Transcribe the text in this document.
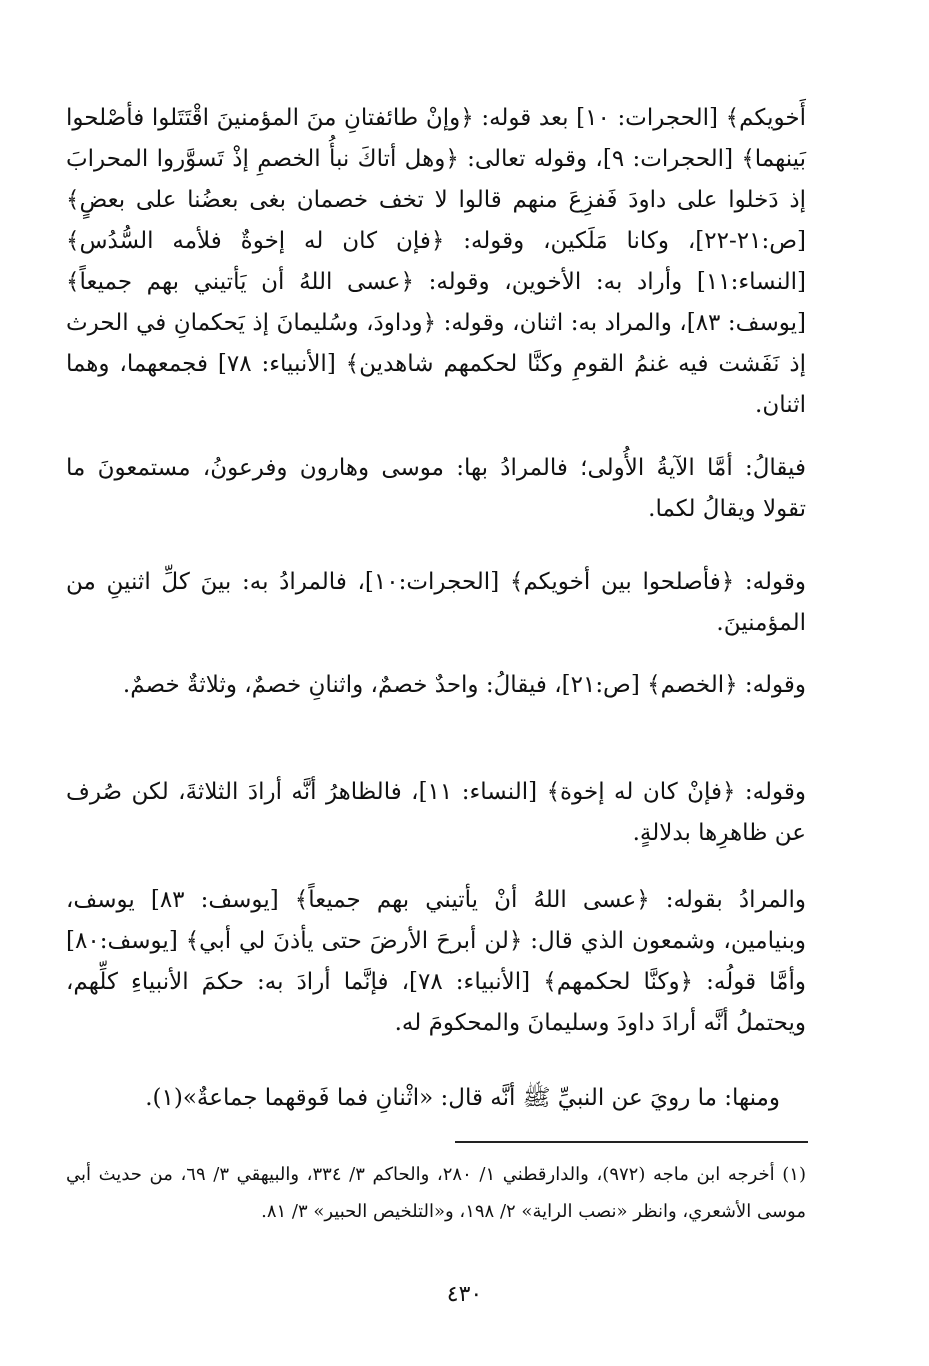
أَخويكم﴾ [الحجرات: ١٠] بعد قوله: ﴿وإنْ طائفتانِ منَ المؤمنينَ اقْتَتَلوا فأصْلحوا بَينهما﴾ [الحجرات: ٩]، وقوله تعالى: ﴿وهل أتاكَ نبأُ الخصمِ إذْ تَسوَّروا المحرابَ إذ دَخلوا على داودَ فَفزِعَ منهم قالوا لا تخف خصمان بغى بعضُنا على بعضٍ﴾ [ص:٢١-٢٢]، وكانا مَلَكين، وقوله: ﴿فإن كان له إخوةٌ فلأمه السُّدُس﴾ [النساء:١١] وأراد به: الأخوين، وقوله: ﴿عسى اللهُ أن يَأتيني بهم جميعاً﴾ [يوسف: ٨٣]، والمراد به: اثنان، وقوله: ﴿وداودَ، وسُليمانَ إذ يَحكمانِ في الحرث إذ نَفَشت فيه غنمُ القومِ وكنَّا لحكمهم شاهدين﴾ [الأنبياء: ٧٨] فجمعهما، وهما اثنان.

فيقالُ: أمَّا الآيةُ الأُولى؛ فالمرادُ بها: موسى وهارون وفرعونُ، مستمعونَ ما تقولا ويقالُ لكما.

وقوله: ﴿فأصلحوا بين أخويكم﴾ [الحجرات:١٠]، فالمرادُ به: بينَ كلِّ اثنينِ من المؤمنينَ.

وقوله: ﴿الخصم﴾ [ص:٢١]، فيقالُ: واحدٌ خصمٌ، واثنانِ خصمٌ، وثلاثةٌ خصمٌ.

وقوله: ﴿فإنْ كان له إخوة﴾ [النساء: ١١]، فالظاهرُ أنَّه أرادَ الثلاثةَ، لكن صُرف عن ظاهرِها بدلالةٍ.

والمرادُ بقوله: ﴿عسى اللهُ أنْ يأتيني بهم جميعاً﴾ [يوسف: ٨٣] يوسف، وبنيامين، وشمعون الذي قال: ﴿لن أبرحَ الأرضَ حتى يأذنَ لي أبي﴾ [يوسف:٨٠] وأمَّا قولُه: ﴿وكنَّا لحكمهم﴾ [الأنبياء: ٧٨]، فإنَّما أرادَ به: حكمَ الأنبياءِ كلِّهم، ويحتملُ أنَّه أرادَ داودَ وسليمانَ والمحكومَ له.

ومنها: ما رويَ عن النبيِّ ﷺ أنَّه قال: «اثْنانِ فما فَوقهما جماعةٌ»(١).

(١) أخرجه ابن ماجه (٩٧٢)، والدارقطني ١/ ٢٨٠، والحاكم ٣/ ٣٣٤، والبيهقي ٣/ ٦٩، من حديث أبي موسى الأشعري، وانظر «نصب الراية» ٢/ ١٩٨، و«التلخيص الحبير» ٣/ ٨١.

٤٣٠
